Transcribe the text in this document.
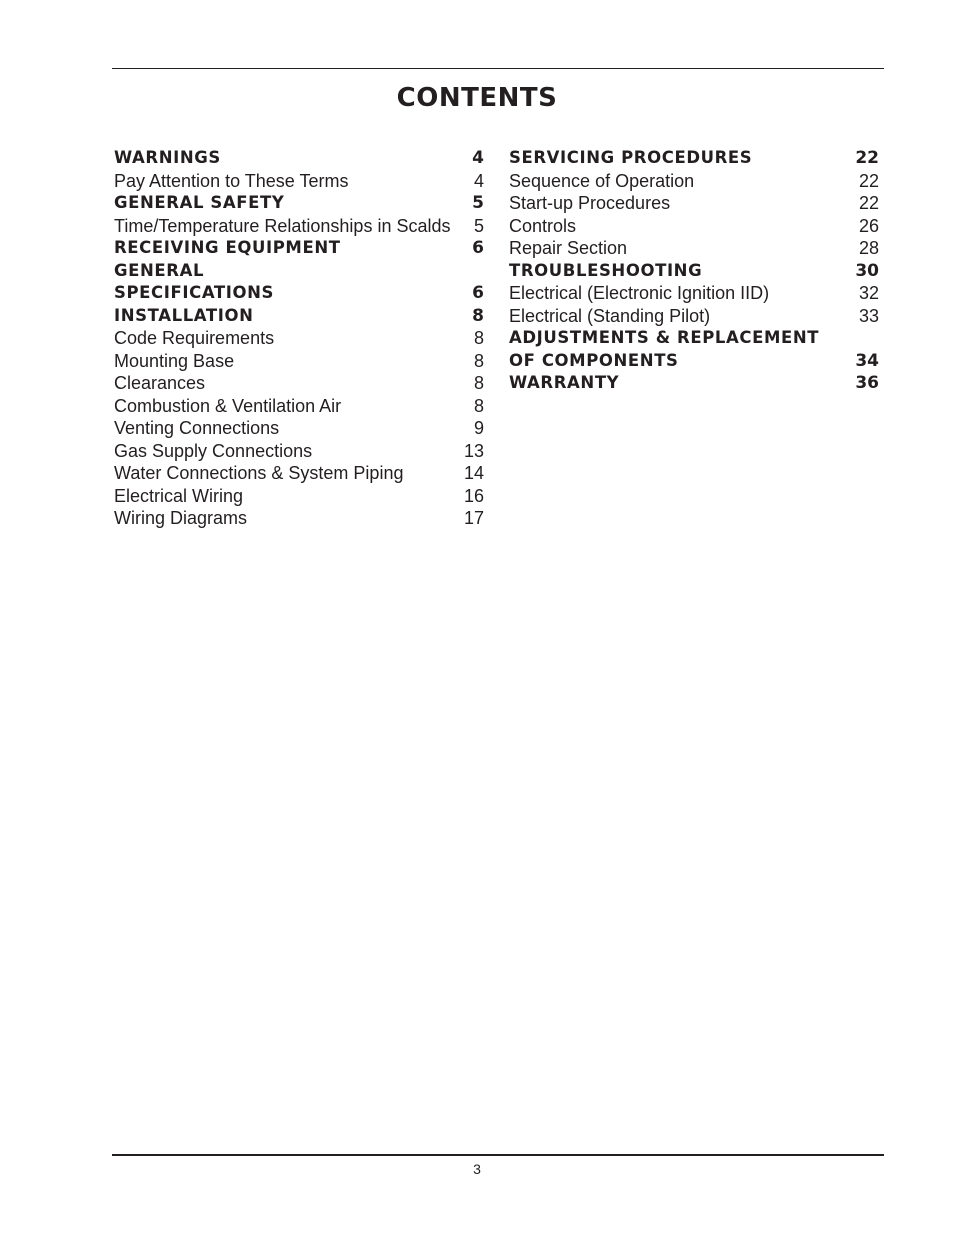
CONTENTS
WARNINGS	4
Pay Attention to These Terms	4
GENERAL SAFETY	5
Time/Temperature Relationships in Scalds 5
RECEIVING EQUIPMENT	6
GENERAL
SPECIFICATIONS	6
INSTALLATION	8
Code Requirements	8
Mounting Base	8
Clearances	8
Combustion & Ventilation Air	8
Venting Connections	9
Gas Supply Connections	13
Water Connections & System Piping	14
Electrical Wiring	16
Wiring Diagrams	17
SERVICING PROCEDURES	22
Sequence of Operation	22
Start-up Procedures	22
Controls	26
Repair Section	28
TROUBLESHOOTING	30
Electrical (Electronic Ignition IID)	32
Electrical (Standing Pilot)	33
ADJUSTMENTS & REPLACEMENT
OF COMPONENTS	34
WARRANTY	36
3
